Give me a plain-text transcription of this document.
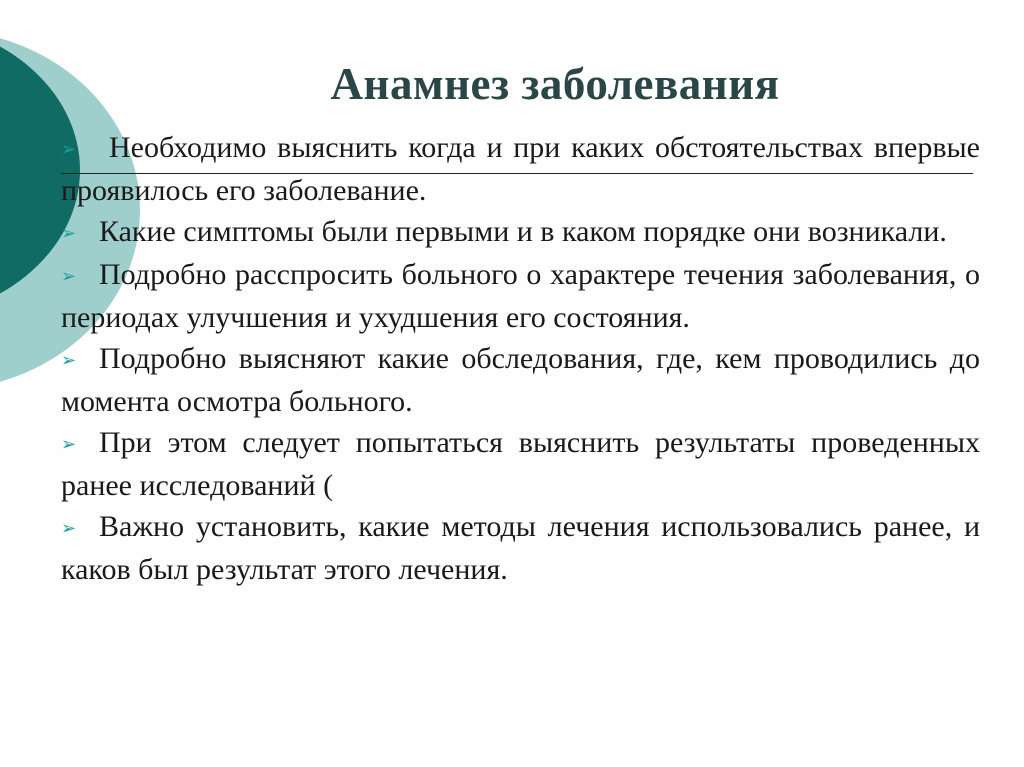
Анамнез заболевания
➢ Необходимо выяснить когда и при каких обстоятельствах впервые проявилось его заболевание.
➢ Какие симптомы были первыми и в каком порядке они возникали.
➢ Подробно расспросить больного о характере течения заболевания, о периодах улучшения и ухудшения его состояния.
➢ Подробно выясняют какие обследования, где, кем проводились до момента осмотра больного.
➢ При этом следует попытаться выяснить результаты проведенных ранее исследований (
➢ Важно установить, какие методы лечения использовались ранее, и каков был результат этого лечения.
